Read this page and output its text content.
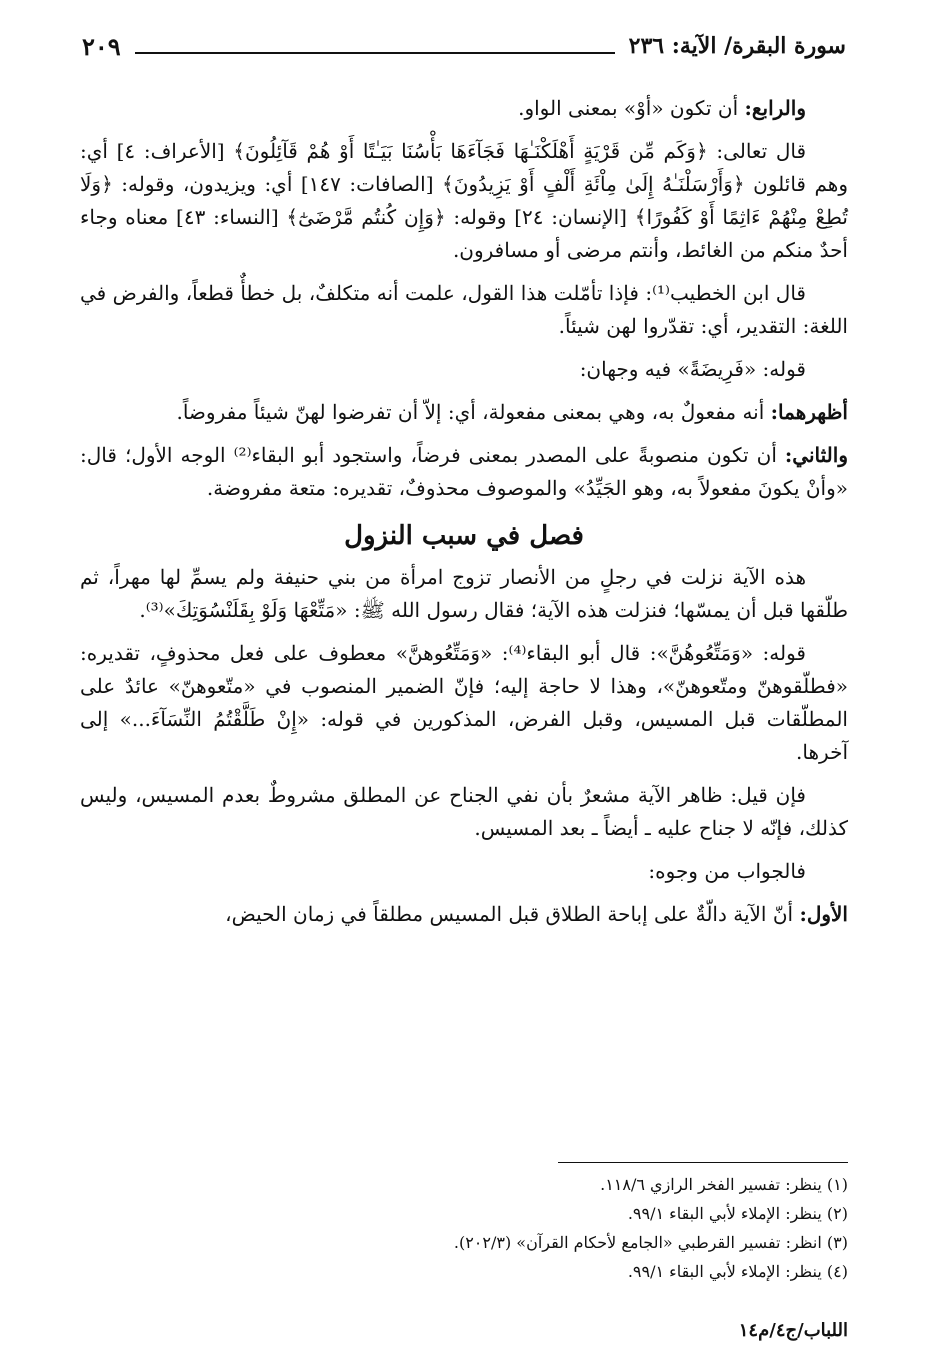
سورة البقرة/ الآية: ٢٣٦
٢٠٩

والرابع: أن تكون «أوْ» بمعنى الواو.

قال تعالى: ﴿وَكَم مِّن قَرْيَةٍ أَهْلَكْنَـٰهَا فَجَآءَهَا بَأْسُنَا بَيَـٰتًا أَوْ هُمْ قَآئِلُونَ﴾ [الأعراف: ٤] أي: وهم قائلون ﴿وَأَرْسَلْنَـٰهُ إِلَىٰ مِاْئَةِ أَلْفٍ أَوْ يَزِيدُونَ﴾ [الصافات: ١٤٧] أي: ويزيدون، وقوله: ﴿وَلَا تُطِعْ مِنْهُمْ ءَاثِمًا أَوْ كَفُورًا﴾ [الإنسان: ٢٤] وقوله: ﴿وَإِن كُنتُم مَّرْضَىٰٓ﴾ [النساء: ٤٣] معناه وجاء أحدٌ منكم من الغائط، وأنتم مرضى أو مسافرون.

قال ابن الخطيب⁽¹⁾: فإذا تأمّلت هذا القول، علمت أنه متكلفٌ، بل خطأٌ قطعاً، والفرض في اللغة: التقدير، أي: تقدّروا لهن شيئاً.

قوله: «فَرِيضَةً» فيه وجهان:

أظهرهما: أنه مفعولٌ به، وهي بمعنى مفعولة، أي: إلاّ أن تفرضوا لهنّ شيئاً مفروضاً.

والثاني: أن تكون منصوبةً على المصدر بمعنى فرضاً، واستجود أبو البقاء⁽²⁾ الوجه الأول؛ قال: «وأنْ يكونَ مفعولاً به، وهو الجَيِّدُ» والموصوف محذوفٌ، تقديره: متعة مفروضة.

فصل في سبب النزول

هذه الآية نزلت في رجلٍ من الأنصار تزوج امرأة من بني حنيفة ولم يسمِّ لها مهراً، ثم طلّقها قبل أن يمسّها؛ فنزلت هذه الآية؛ فقال رسول الله ﷺ: «مَتِّعْهَا وَلَوْ بِقَلَنْسُوَتِكَ»⁽³⁾.

قوله: «وَمَتِّعُوهُنَّ»: قال أبو البقاء⁽⁴⁾: «وَمَتِّعُوهنَّ» معطوف على فعل محذوفٍ، تقديره: «فطلّقوهنّ ومتّعوهنّ»، وهذا لا حاجة إليه؛ فإنّ الضمير المنصوب في «متّعوهنّ» عائدٌ على المطلّقات قبل المسيس، وقبل الفرض، المذكورين في قوله: «إِنْ طَلَّقْتُمُ النِّسَآءَ...» إلى آخرها.

فإن قيل: ظاهر الآية مشعرٌ بأن نفي الجناح عن المطلق مشروطٌ بعدم المسيس، وليس كذلك، فإنّه لا جناح عليه ـ أيضاً ـ بعد المسيس.

فالجواب من وجوه:

الأول: أنّ الآية دالّةٌ على إباحة الطلاق قبل المسيس مطلقاً في زمان الحيض،

(١) ينظر: تفسير الفخر الرازي ١١٨/٦.
(٢) ينظر: الإملاء لأبي البقاء ٩٩/١.
(٣) انظر: تفسير القرطبي «الجامع لأحكام القرآن» (٢٠٢/٣).
(٤) ينظر: الإملاء لأبي البقاء ٩٩/١.
اللباب/ج٤/م١٤
